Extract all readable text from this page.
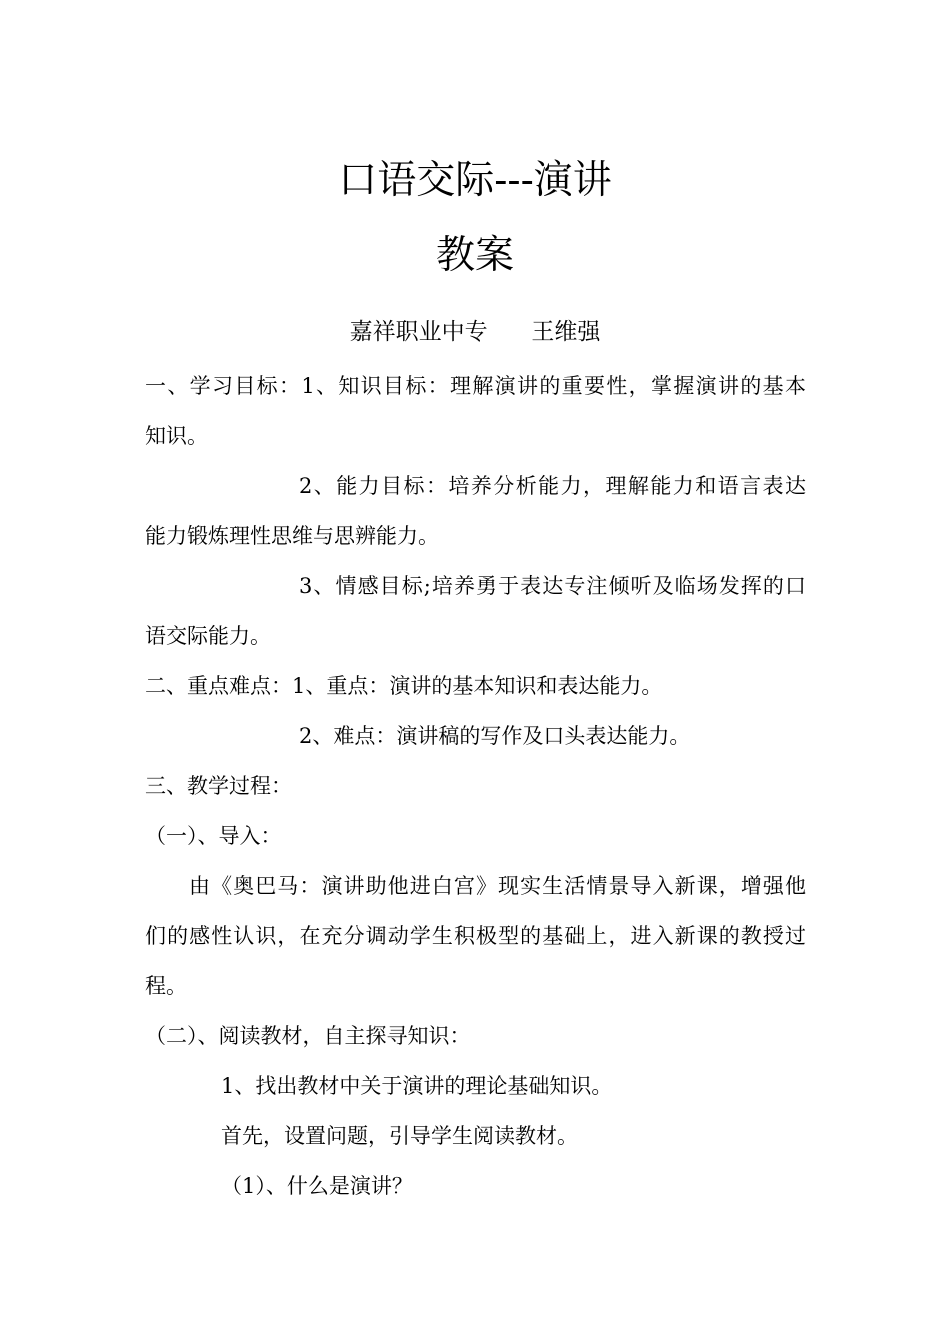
口语交际---演讲
教案
嘉祥职业中专      王维强
一、学习目标：1、知识目标：理解演讲的重要性，掌握演讲的基本
知识。
2、能力目标：培养分析能力，理解能力和语言表达
能力锻炼理性思维与思辨能力。
3、情感目标;培养勇于表达专注倾听及临场发挥的口
语交际能力。
二、重点难点：1、重点：演讲的基本知识和表达能力。
2、难点：演讲稿的写作及口头表达能力。
三、教学过程：
（一）、导入：
由《奥巴马：演讲助他进白宫》现实生活情景导入新课，增强他
们的感性认识，在充分调动学生积极型的基础上，进入新课的教授过
程。
（二）、阅读教材，自主探寻知识：
1、找出教材中关于演讲的理论基础知识。
首先，设置问题，引导学生阅读教材。
（1）、什么是演讲？
